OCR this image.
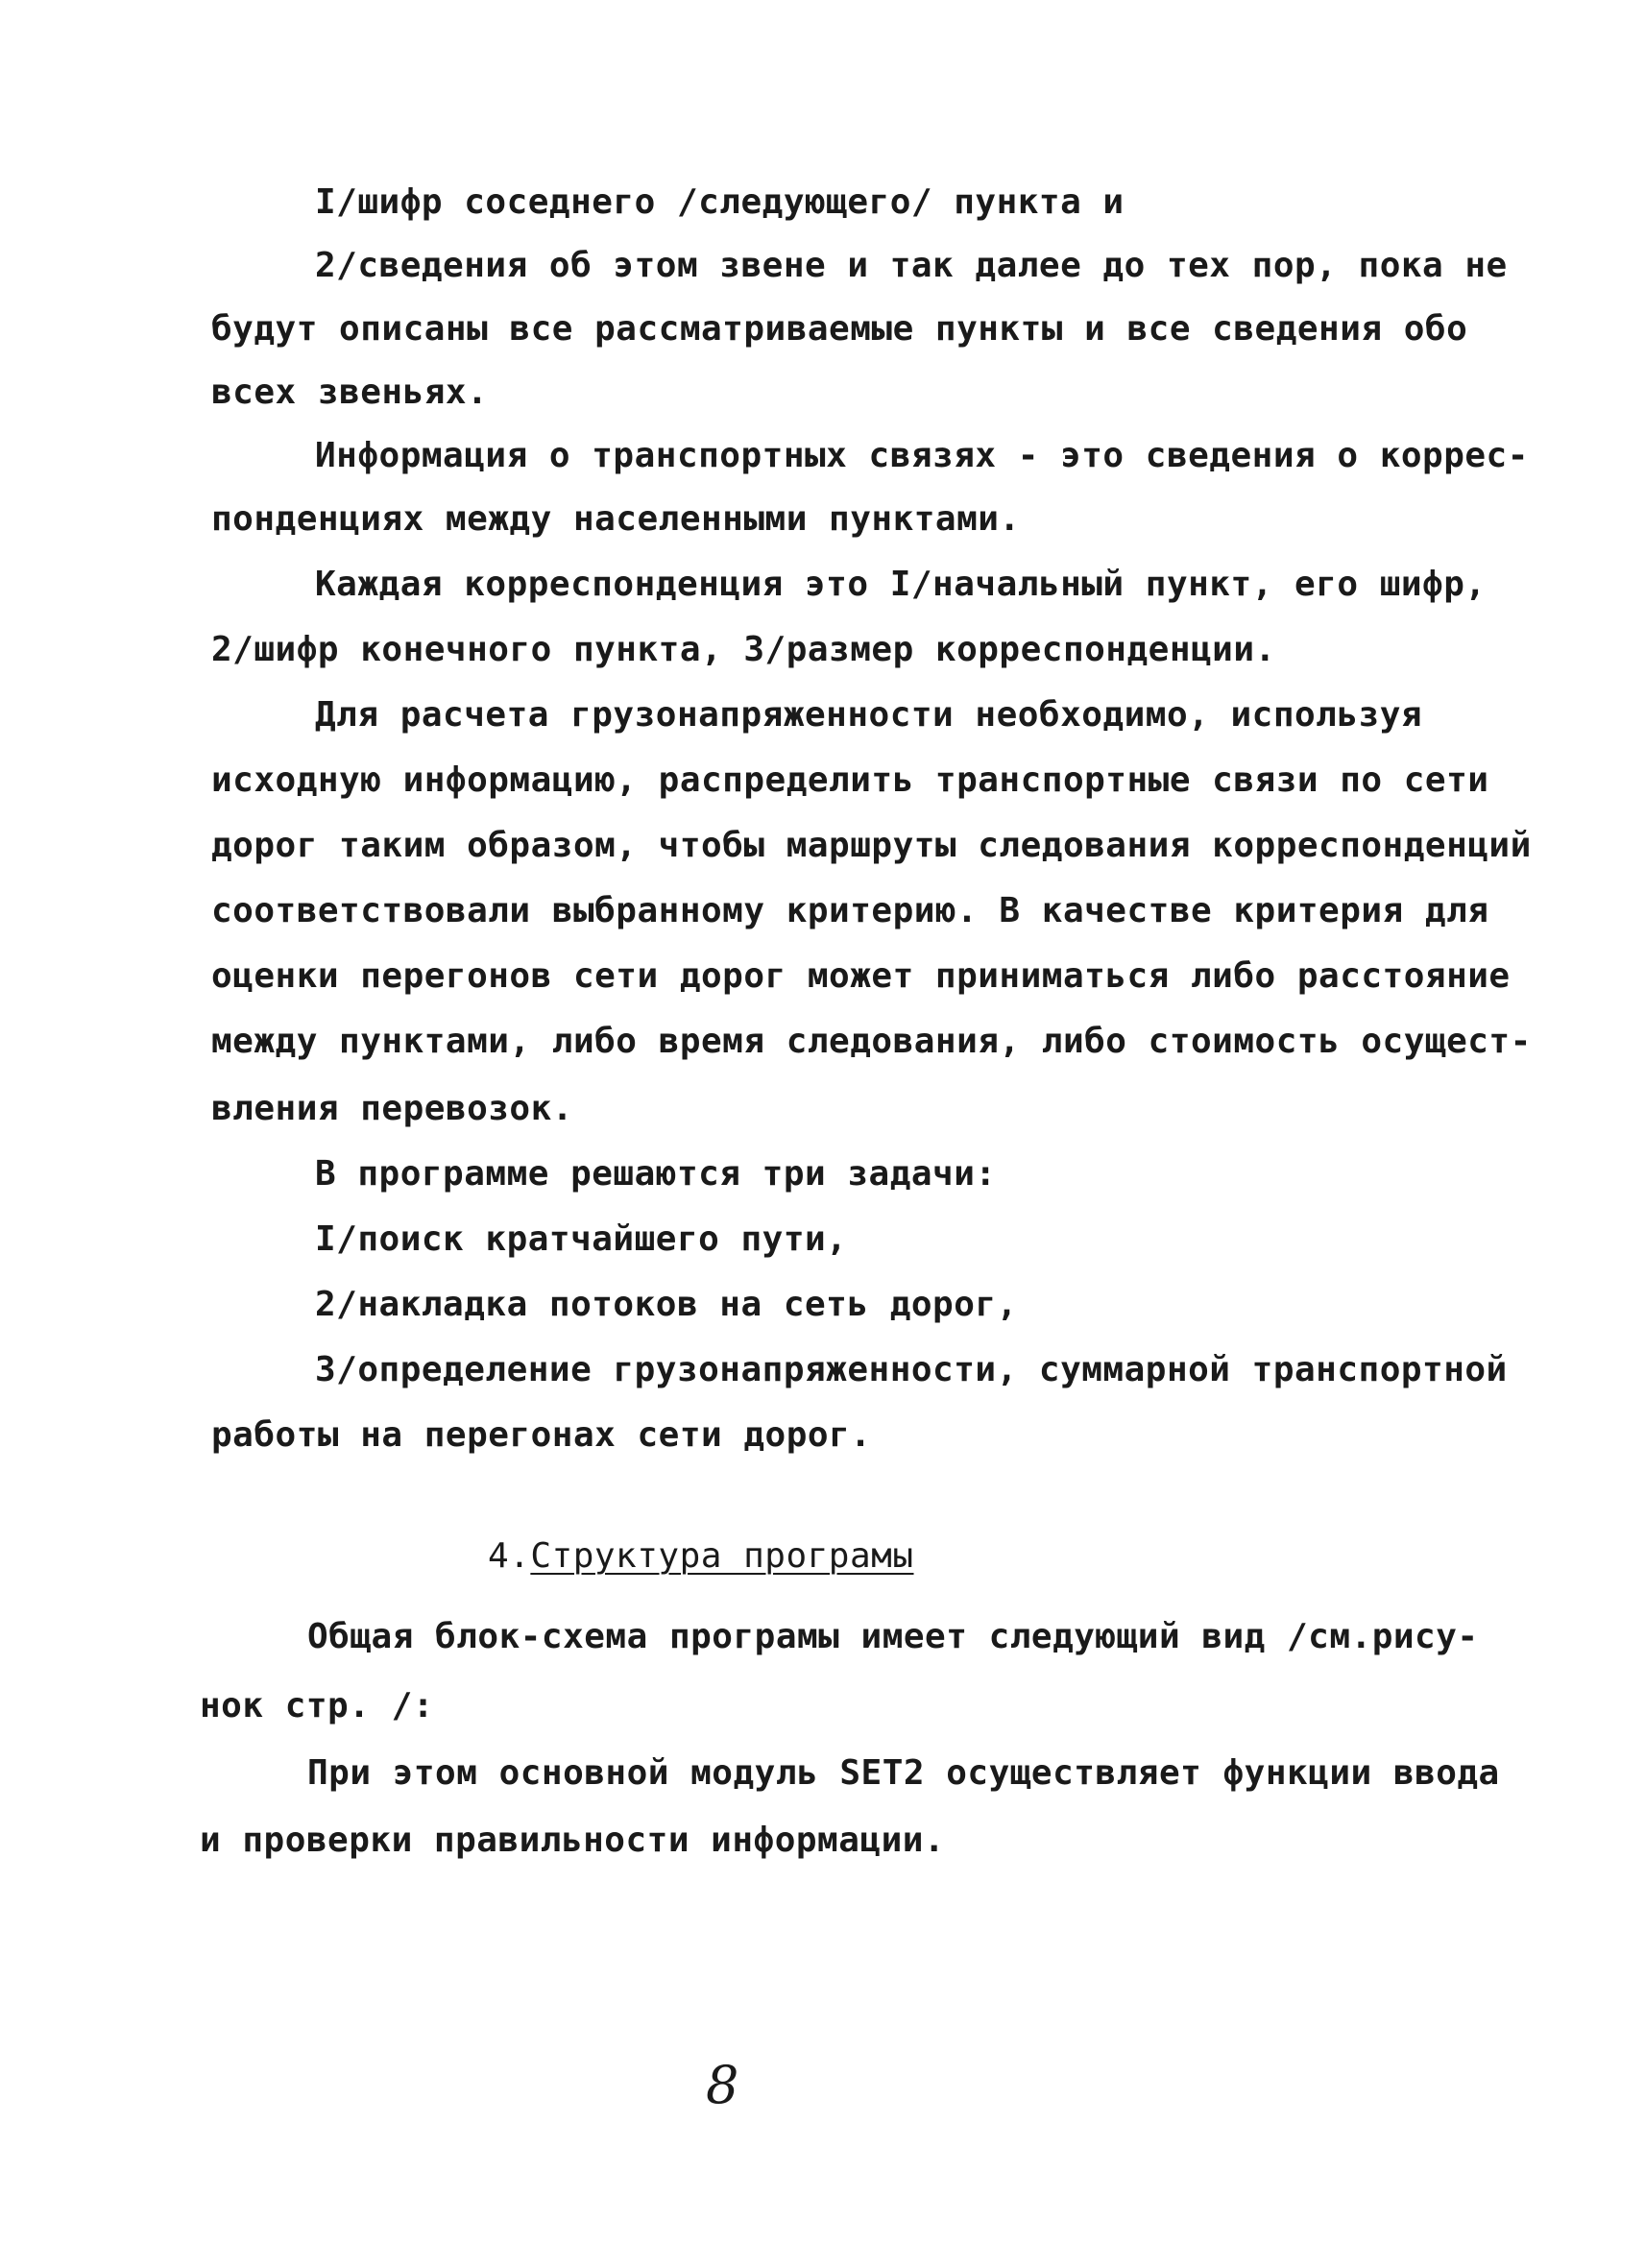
I/шифр соседнего /следующего/ пункта и
2/сведения об этом звене и так далее до тех пор, пока не
будут описаны все рассматриваемые пункты и все сведения обо
всех звеньях.
Информация о транспортных связях - это сведения о коррес-
понденциях между населенными пунктами.
Каждая корреспонденция это I/начальный пункт, его шифр,
2/шифр конечного пункта, 3/размер корреспонденции.
Для расчета грузонапряженности необходимо, используя
исходную информацию, распределить транспортные связи по сети
дорог таким образом, чтобы маршруты следования корреспонденций
соответствовали выбранному критерию. В качестве критерия для
оценки перегонов сети дорог может приниматься либо расстояние
между пунктами, либо время следования, либо стоимость осущест-
вления перевозок.
В программе решаются три задачи:
I/поиск кратчайшего пути,
2/накладка потоков на сеть дорог,
3/определение грузонапряженности, суммарной транспортной
работы на перегонах сети дорог.
4.Структура програмы
Общая блок-схема програмы имеет следующий вид /см.рису-
нок стр. /:
При этом основной модуль SET2 осуществляет функции ввода
и проверки правильности информации.
8
